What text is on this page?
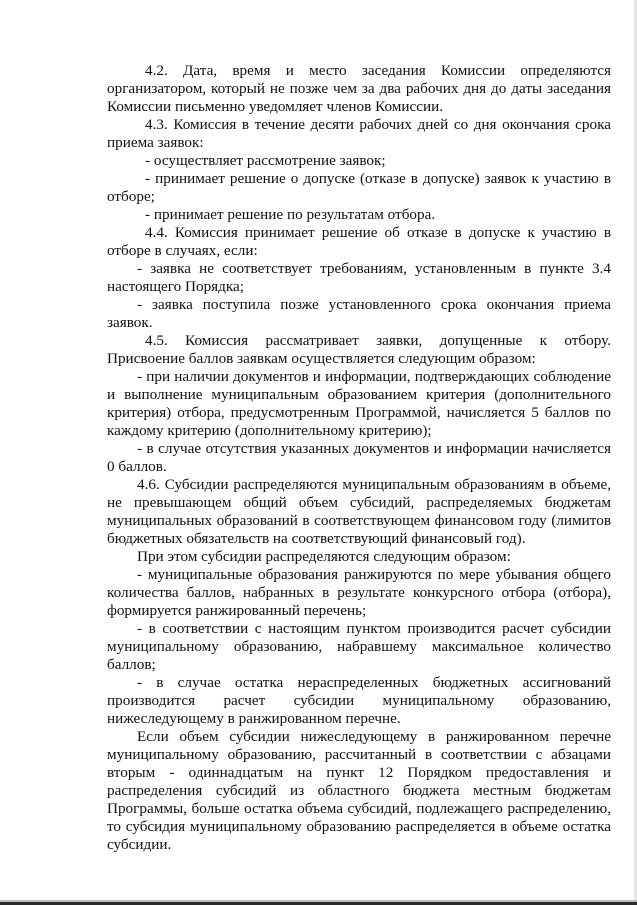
4.2. Дата, время и место заседания Комиссии определяются
организатором, который не позже чем за два рабочих дня до даты заседания
Комиссии письменно уведомляет членов Комиссии.
4.3. Комиссия в течение десяти рабочих дней со дня окончания срока
приема заявок:
- осуществляет рассмотрение заявок;
- принимает решение о допуске (отказе в допуске) заявок к участию в
отборе;
- принимает решение по результатам отбора.
4.4. Комиссия принимает решение об отказе в допуске к участию в
отборе в случаях, если:
- заявка не соответствует требованиям, установленным в пункте 3.4
настоящего Порядка;
- заявка поступила позже установленного срока окончания приема
заявок.
4.5. Комиссия рассматривает заявки, допущенные к отбору.
Присвоение баллов заявкам осуществляется следующим образом:
- при наличии документов и информации, подтверждающих соблюдение
и выполнение муниципальным образованием критерия (дополнительного
критерия) отбора, предусмотренным Программой, начисляется 5 баллов по
каждому критерию (дополнительному критерию);
- в случае отсутствия указанных документов и информации начисляется
0 баллов.
4.6. Субсидии распределяются муниципальным образованиям в объеме,
не превышающем общий объем субсидий, распределяемых бюджетам
муниципальных образований в соответствующем финансовом году (лимитов
бюджетных обязательств на соответствующий финансовый год).
При этом субсидии распределяются следующим образом:
- муниципальные образования ранжируются по мере убывания общего
количества баллов, набранных в результате конкурсного отбора (отбора),
формируется ранжированный перечень;
- в соответствии с настоящим пунктом производится расчет субсидии
муниципальному образованию, набравшему максимальное количество
баллов;
- в случае остатка нераспределенных бюджетных ассигнований
производится расчет субсидии муниципальному образованию,
нижеследующему в ранжированном перечне.
Если объем субсидии нижеследующему в ранжированном перечне
муниципальному образованию, рассчитанный в соответствии с абзацами
вторым - одиннадцатым на пункт 12 Порядком предоставления и
распределения субсидий из областного бюджета местным бюджетам
Программы, больше остатка объема субсидий, подлежащего распределению,
то субсидия муниципальному образованию распределяется в объеме остатка
субсидии.
